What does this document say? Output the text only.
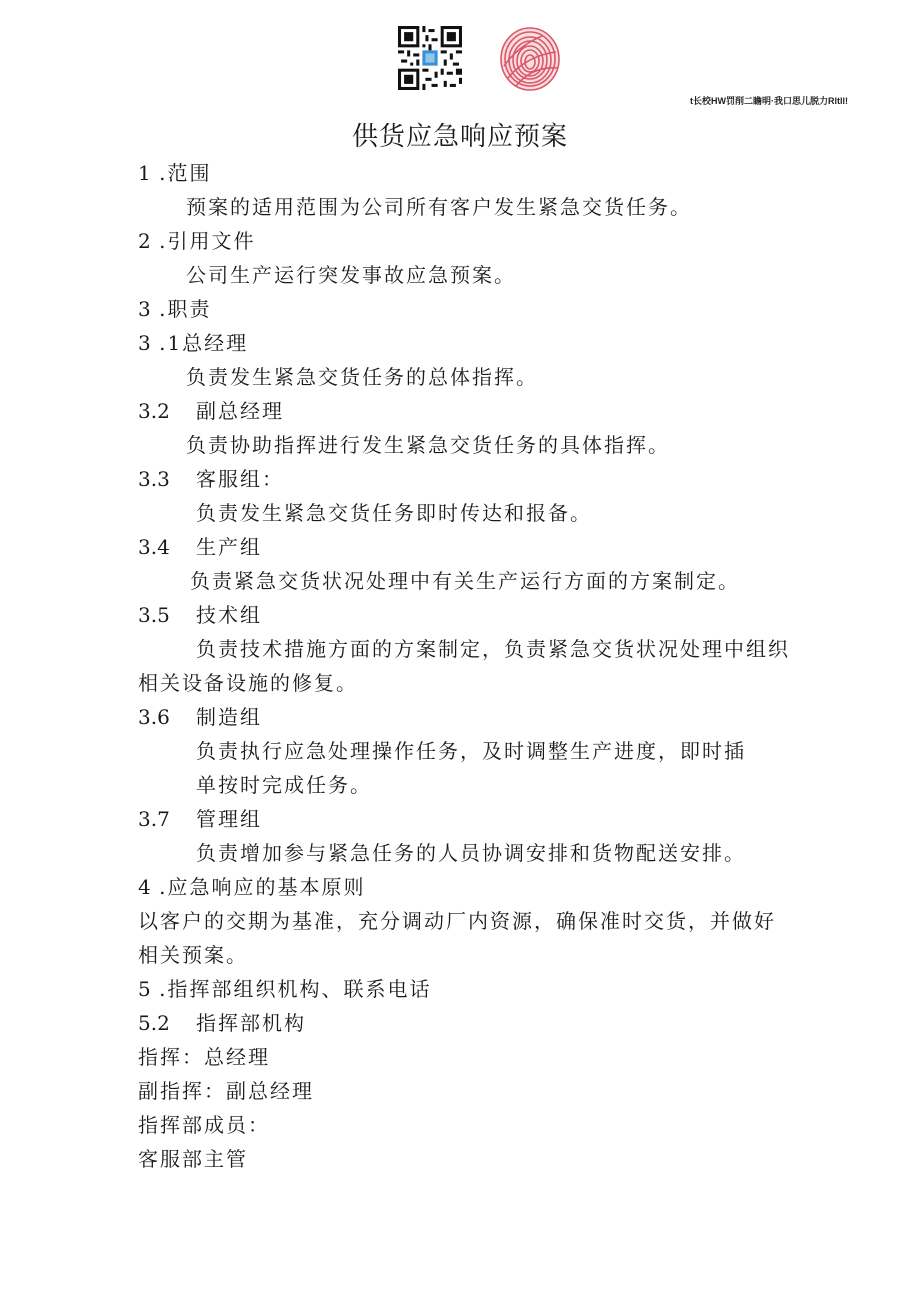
t长校HW罚削二瞻明·我口思儿脱力Rltll!
供货应急响应预案
1 .范围
预案的适用范围为公司所有客户发生紧急交货任务。
2 .引用文件
公司生产运行突发事故应急预案。
3 .职责
3 .1总经理
负责发生紧急交货任务的总体指挥。
3.2 副总经理
负责协助指挥进行发生紧急交货任务的具体指挥。
3.3 客服组：
负责发生紧急交货任务即时传达和报备。
3.4 生产组
负责紧急交货状况处理中有关生产运行方面的方案制定。
3.5 技术组
负责技术措施方面的方案制定，负责紧急交货状况处理中组织
相关设备设施的修复。
3.6 制造组
负责执行应急处理操作任务，及时调整生产进度，即时插
单按时完成任务。
3.7 管理组
负责增加参与紧急任务的人员协调安排和货物配送安排。
4 .应急响应的基本原则
以客户的交期为基准，充分调动厂内资源，确保准时交货，并做好
相关预案。
5 .指挥部组织机构、联系电话
5.2 指挥部机构
指挥：总经理
副指挥：副总经理
指挥部成员：
客服部主管
